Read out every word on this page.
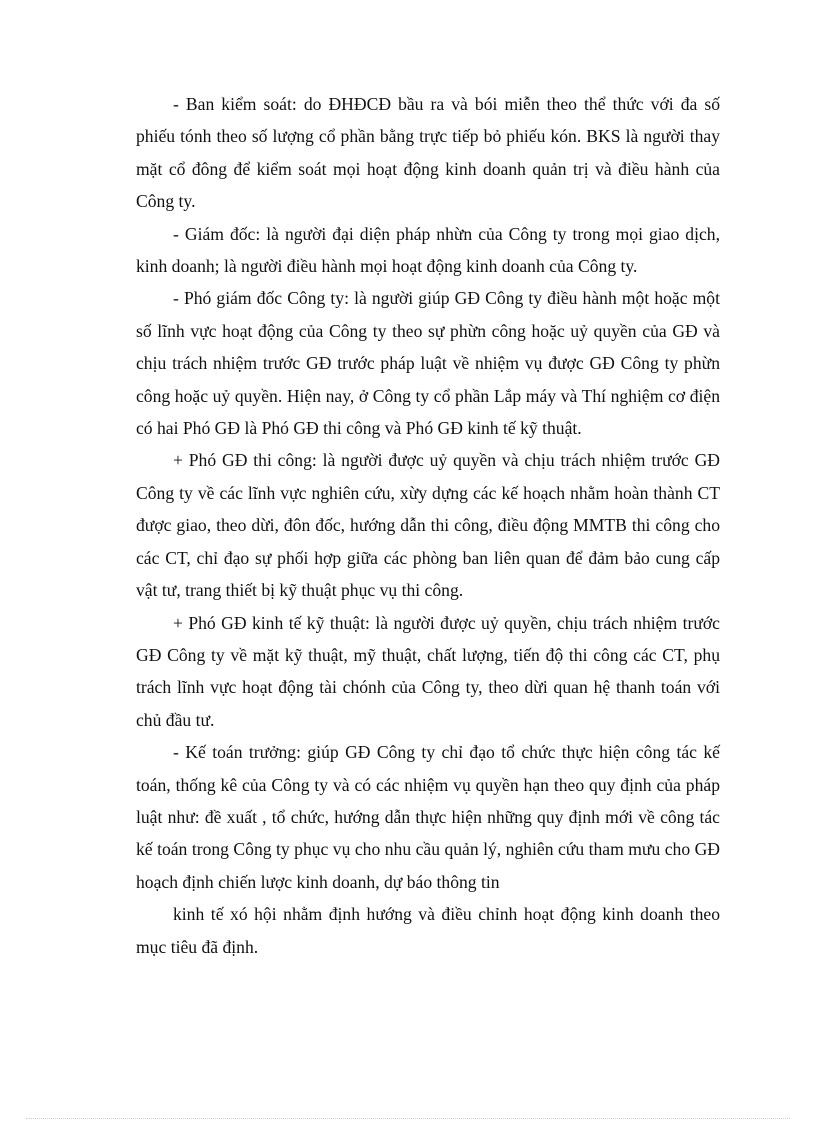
- Ban kiểm soát: do ĐHĐCĐ bầu ra và bói miễn theo thể thức với đa số phiếu tónh theo số lượng cổ phần bằng trực tiếp bỏ phiếu kón. BKS là người thay mặt cổ đông để kiểm soát mọi hoạt động kinh doanh quản trị và điều hành của Công ty.

- Giám đốc: là người đại diện pháp nhừn của Công ty trong mọi giao dịch, kinh doanh; là người điều hành mọi hoạt động kinh doanh của Công ty.

- Phó giám đốc Công ty: là người giúp GĐ Công ty điều hành một hoặc một số lĩnh vực hoạt động của Công ty theo sự phừn công hoặc uỷ quyền của GĐ và chịu trách nhiệm trước GĐ trước pháp luật về nhiệm vụ được GĐ Công ty phừn công hoặc uỷ quyền. Hiện nay, ở Công ty cổ phần Lắp máy và Thí nghiệm cơ điện có hai Phó GĐ là Phó GĐ thi công và Phó GĐ kinh tế kỹ thuật.

+ Phó GĐ thi công: là người được uỷ quyền và chịu trách nhiệm trước GĐ Công ty về các lĩnh vực nghiên cứu, xừy dựng các kế hoạch nhằm hoàn thành CT được giao, theo dừi, đôn đốc, hướng dẫn thi công, điều động MMTB thi công cho các CT, chỉ đạo sự phối hợp giữa các phòng ban liên quan để đảm bảo cung cấp vật tư, trang thiết bị kỹ thuật phục vụ thi công.

+ Phó GĐ kinh tế kỹ thuật: là người được uỷ quyền, chịu trách nhiệm trước GĐ Công ty về mặt kỹ thuật, mỹ thuật, chất lượng, tiến độ thi công các CT, phụ trách lĩnh vực hoạt động tài chónh của Công ty, theo dừi quan hệ thanh toán với chủ đầu tư.

- Kế toán trưởng: giúp GĐ Công ty chỉ đạo tổ chức thực hiện công tác kế toán, thống kê của Công ty và có các nhiệm vụ quyền hạn theo quy định của pháp luật như: đề xuất , tổ chức, hướng dẫn thực hiện những quy định mới về công tác kế toán trong Công ty phục vụ cho nhu cầu quản lý, nghiên cứu tham mưu cho GĐ hoạch định chiến lược kinh doanh, dự báo thông tin

kinh tế xó hội nhằm định hướng và điều chỉnh hoạt động kinh doanh theo mục tiêu đã định.
